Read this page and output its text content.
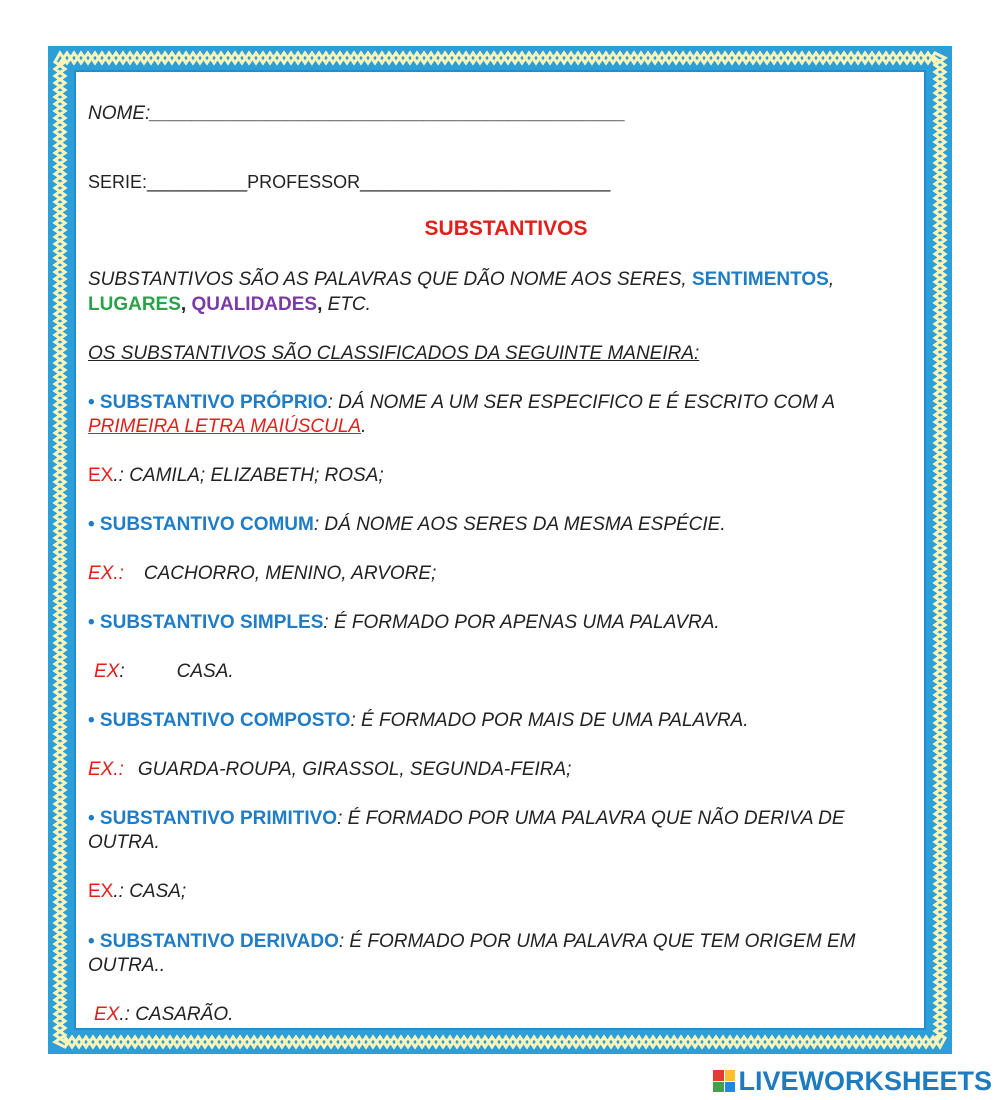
NOME:_____________________________________________
SERIE:__________PROFESSOR_________________________
SUBSTANTIVOS
SUBSTANTIVOS SÃO AS PALAVRAS QUE DÃO NOME AOS SERES, SENTIMENTOS,
LUGARES, QUALIDADES, ETC.
OS SUBSTANTIVOS SÃO CLASSIFICADOS DA SEGUINTE MANEIRA:
• SUBSTANTIVO PRÓPRIO: DÁ NOME A UM SER ESPECIFICO E É ESCRITO COM A
PRIMEIRA LETRA MAIÚSCULA.
EX.: CAMILA; ELIZABETH; ROSA;
• SUBSTANTIVO COMUM: DÁ NOME AOS SERES DA MESMA ESPÉCIE.
EX.: CACHORRO, MENINO, ARVORE;
• SUBSTANTIVO SIMPLES: É FORMADO POR APENAS UMA PALAVRA.
EX:	CASA.
• SUBSTANTIVO COMPOSTO: É FORMADO POR MAIS DE UMA PALAVRA.
EX.: GUARDA-ROUPA, GIRASSOL, SEGUNDA-FEIRA;
• SUBSTANTIVO PRIMITIVO: É FORMADO POR UMA PALAVRA QUE NÃO DERIVA DE OUTRA.
EX.: CASA;
• SUBSTANTIVO DERIVADO: É FORMADO POR UMA PALAVRA QUE TEM ORIGEM EM OUTRA..
EX.: CASARÃO.
LIVEWORKSHEETS
